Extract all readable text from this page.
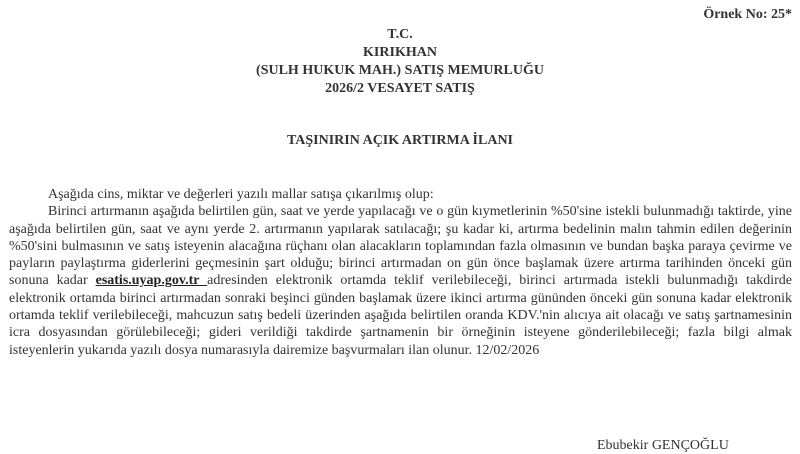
Örnek No: 25*
T.C.
KIRIKHAN
(SULH HUKUK MAH.) SATIŞ MEMURLUĞU
2026/2 VESAYET SATIŞ
TAŞINIRIN AÇIK ARTIRMA İLANI

Aşağıda cins, miktar ve değerleri yazılı mallar satışa çıkarılmış olup:

Birinci artırmanın aşağıda belirtilen gün, saat ve yerde yapılacağı ve o gün kıymetlerinin %50'sine istekli bulunmadığı taktirde, yine aşağıda belirtilen gün, saat ve aynı yerde 2. artırmanın yapılarak satılacağı; şu kadar ki, artırma bedelinin malın tahmin edilen değerinin %50'sini bulmasının ve satış isteyenin alacağına rüçhanı olan alacakların toplamından fazla olmasının ve bundan başka paraya çevirme ve payların paylaştırma giderlerini geçmesinin şart olduğu; birinci artırmadan on gün önce başlamak üzere artırma tarihinden önceki gün sonuna kadar esatis.uyap.gov.tr adresinden elektronik ortamda teklif verilebileceği, birinci artırmada istekli bulunmadığı takdirde elektronik ortamda birinci artırmadan sonraki beşinci günden başlamak üzere ikinci artırma gününden önceki gün sonuna kadar elektronik ortamda teklif verilebileceği, mahcuzun satış bedeli üzerinden aşağıda belirtilen oranda KDV.'nin alıcıya ait olacağı ve satış şartnamesinin icra dosyasından görülebileceği; gideri verildiği takdirde şartnamenin bir örneğinin isteyene gönderilebileceği; fazla bilgi almak isteyenlerin yukarıda yazılı dosya numarasıyla dairemize başvurmaları ilan olunur. 12/02/2026

Ebubekir GENÇOĞLU
